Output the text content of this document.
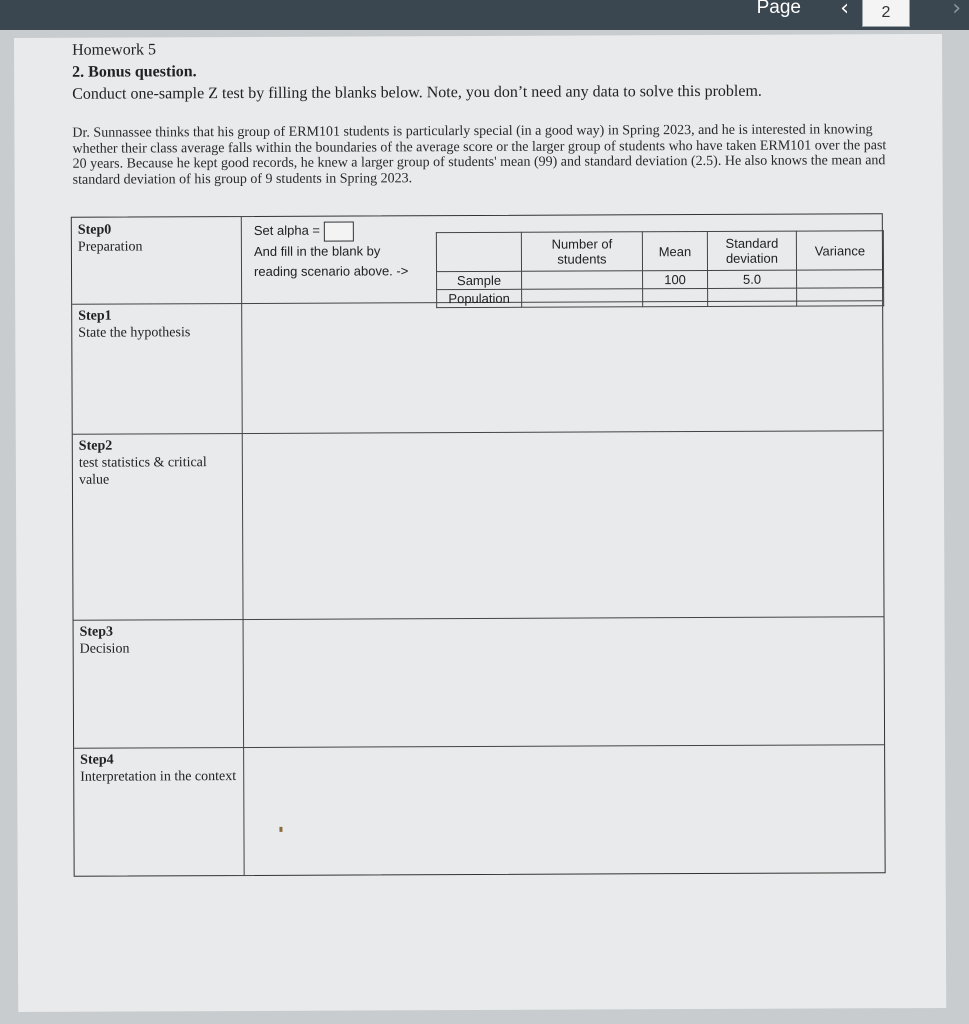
Page ‹	2	›
Homework 5
2. Bonus question.
Conduct one-sample Z test by filling the blanks below. Note, you don’t need any data to solve this problem.
Dr. Sunnassee thinks that his group of ERM101 students is particularly special (in a good way) in Spring 2023, and he is interested in knowing whether their class average falls within the boundaries of the average score or the larger group of students who have taken ERM101 over the past 20 years. Because he kept good records, he knew a larger group of students' mean (99) and standard deviation (2.5). He also knows the mean and standard deviation of his group of 9 students in Spring 2023.
Step0
Preparation
Set alpha =
And fill in the blank by
reading scenario above. ->
	Number of students	Mean	Standard deviation	Variance
Sample		100	5.0	
Population				
Step1
State the hypothesis
Step2
test statistics & critical value
Step3
Decision
Step4
Interpretation in the context
